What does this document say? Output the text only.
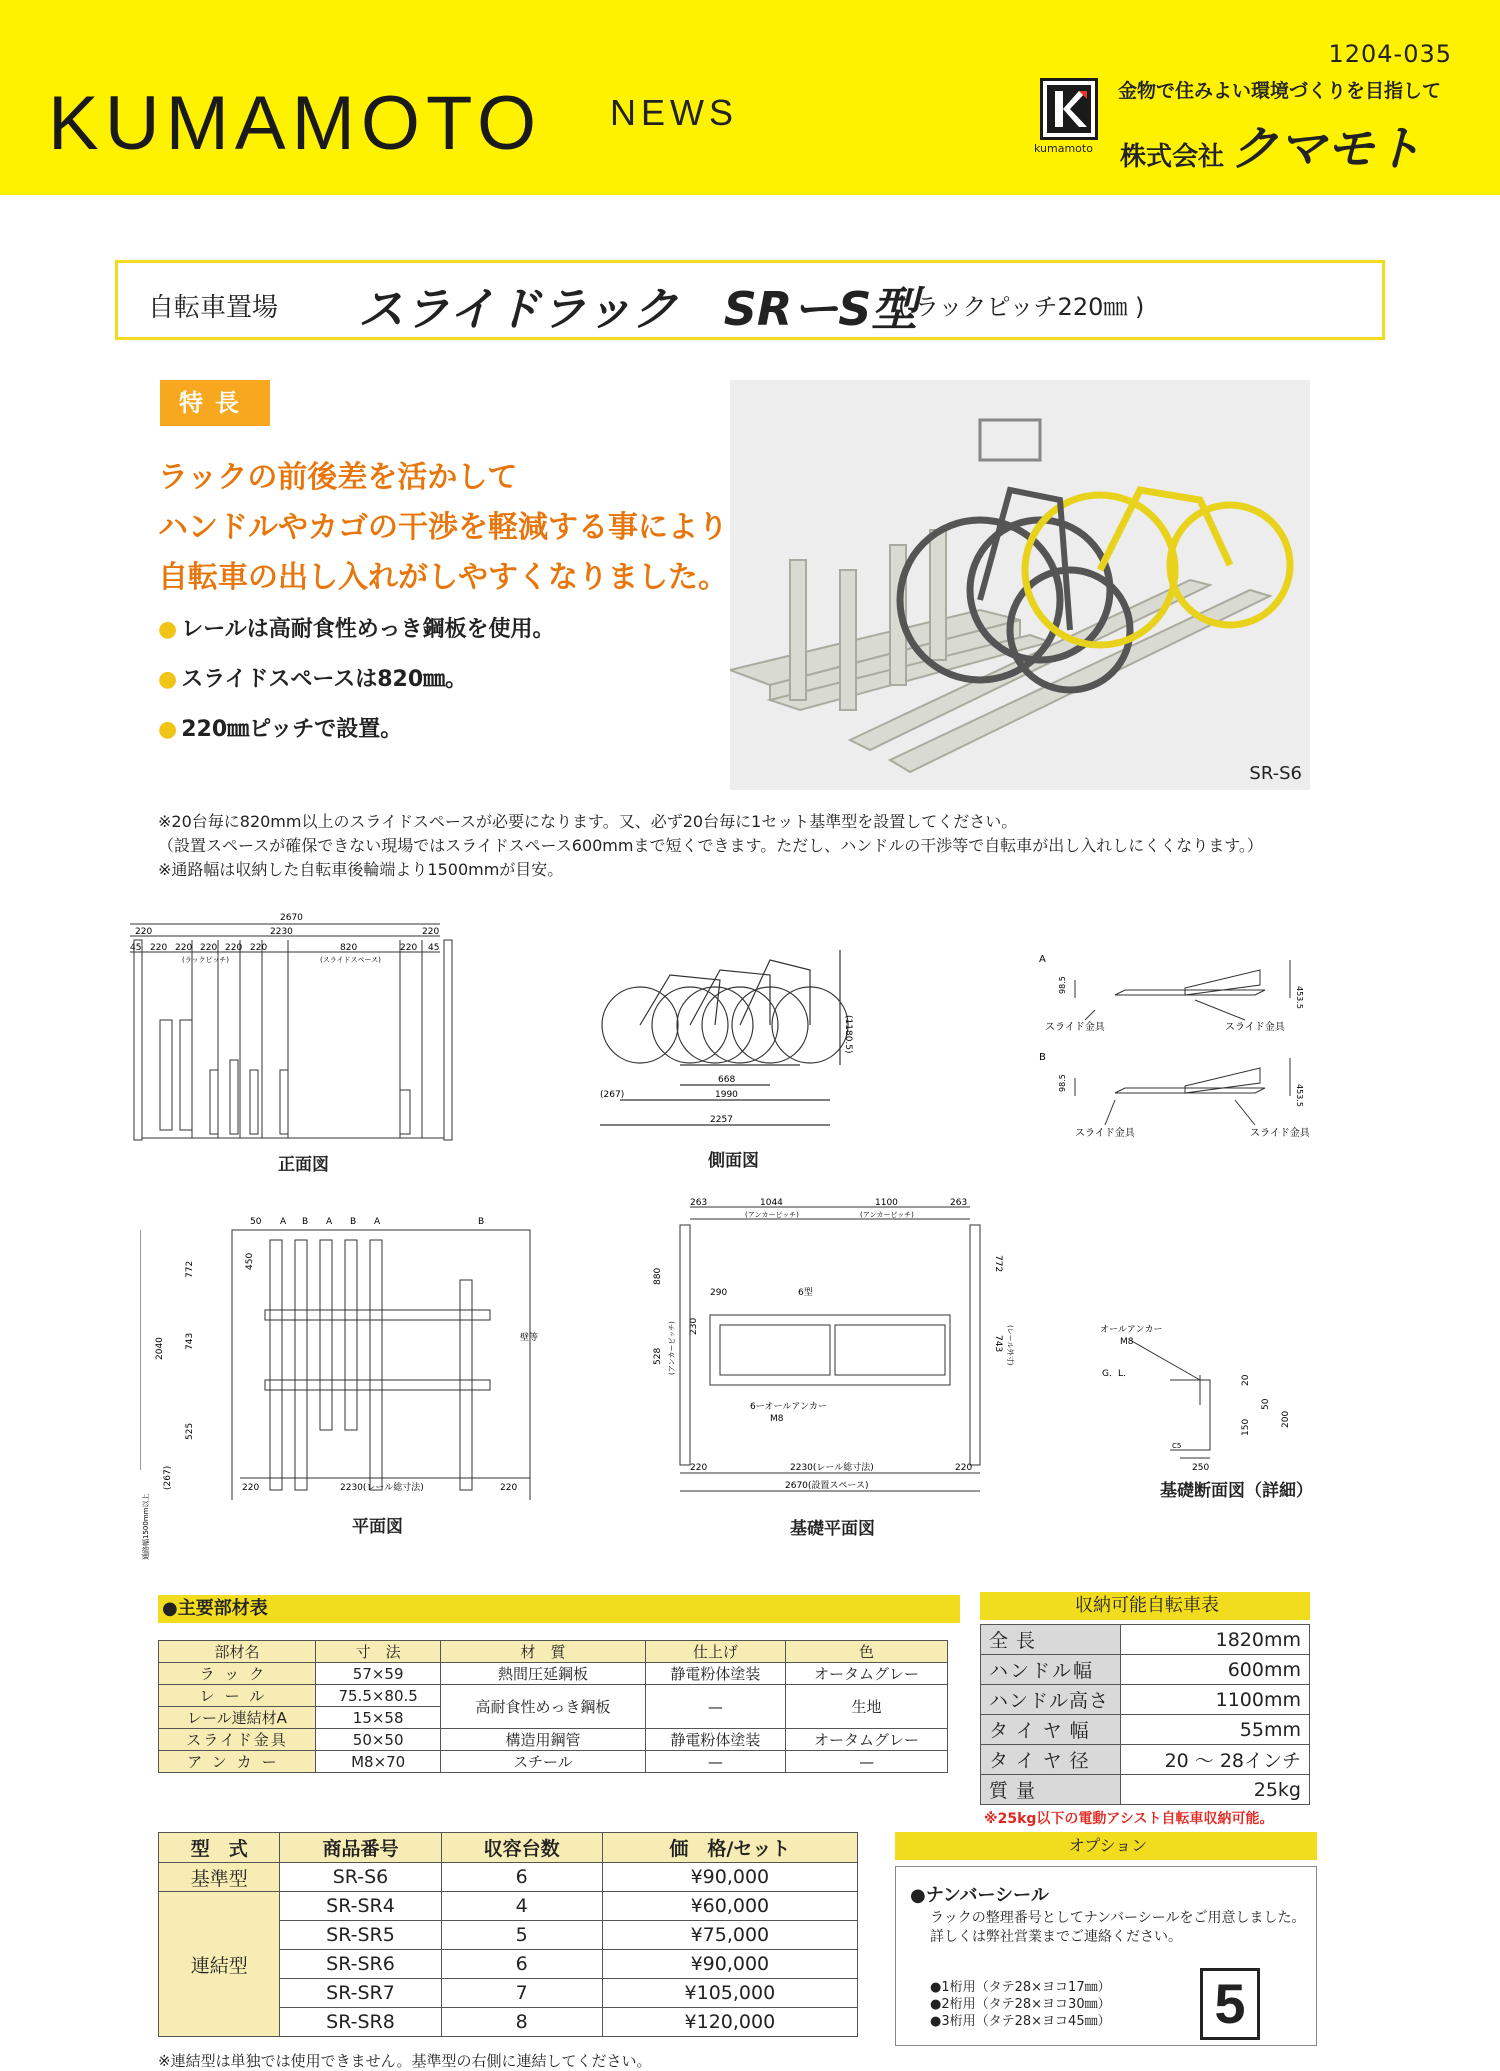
1204-035
KUMAMOTO NEWS
kumamoto
金物で住みよい環境づくりを目指して
株式会社 クマモト
自転車置場 スライドラック　SRーS型
( ラックピッチ220㎜ )
特長
ラックの前後差を活かして
ハンドルやカゴの干渉を軽減する事により
自転車の出し入れがしやすくなりました。
● レールは高耐食性めっき鋼板を使用。
● スライドスペースは820㎜。
● 220㎜ピッチで設置。
SR-S6
※20台毎に820mm以上のスライドスペースが必要になります。又、必ず20台毎に1セット基準型を設置してください。
（設置スペースが確保できない現場ではスライドスペース600mmまで短くできます。ただし、ハンドルの干渉等で自転車が出し入れしにくくなります。）
※通路幅は収納した自転車後輪端より1500mmが目安。
2670
220	2230	220
45 220 220 220 220 220	820	220 45
(ラックピッチ)	(スライドスペース)
正面図
(1180.5)
668
1990
(267)
2257
側面図
A
98.5
453.5
スライド金具	スライド金具
B
98.5
453.5
スライド金具	スライド金具
50 A B A B A	B
772	450
2040 743
525
220	2230(レール総寸法)	220
(267)
通路幅1500mm以上
壁等
平面図
263	1044
(アンカーピッチ)
1100
(アンカーピッチ)
263
880
290	6型
230
528 (アンカーピッチ)
772
743 (レール外寸)
220	2230(レール総寸法)	220
2670(設置スペース)
6ーオールアンカー
M8
基礎平面図
オールアンカー
M8
G．L．
20
50
150	200
250
C5
基礎断面図（詳細）
●主要部材表
部材名	寸　法	材　質	仕上げ	色
ラック	57×59	熱間圧延鋼板	静電粉体塗装	オータムグレー
レール	75.5×80.5	高耐食性めっき鋼板	—	生地
レール連結材A	15×58			
スライド金具	50×50	構造用鋼管	静電粉体塗装	オータムグレー
アンカー	M8×70	スチール	—	—
収納可能自転車表
全長	1820mm
ハンドル幅	600mm
ハンドル高さ	1100mm
タイヤ幅	55mm
タイヤ径	20 ～ 28インチ
質量	25kg
※25kg以下の電動アシスト自転車収納可能。
型　式	商品番号	収容台数	価　格/セット
基準型	SR-S6	6	¥90,000
連結型	SR-SR4	4	¥60,000
	SR-SR5	5	¥75,000
	SR-SR6	6	¥90,000
	SR-SR7	7	¥105,000
	SR-SR8	8	¥120,000
※連結型は単独では使用できません。基準型の右側に連結してください。
オプション
●ナンバーシール
ラックの整理番号としてナンバーシールをご用意しました。
詳しくは弊社営業までご連絡ください。
●1桁用（タテ28×ヨコ17㎜）
●2桁用（タテ28×ヨコ30㎜）
●3桁用（タテ28×ヨコ45㎜） 5
